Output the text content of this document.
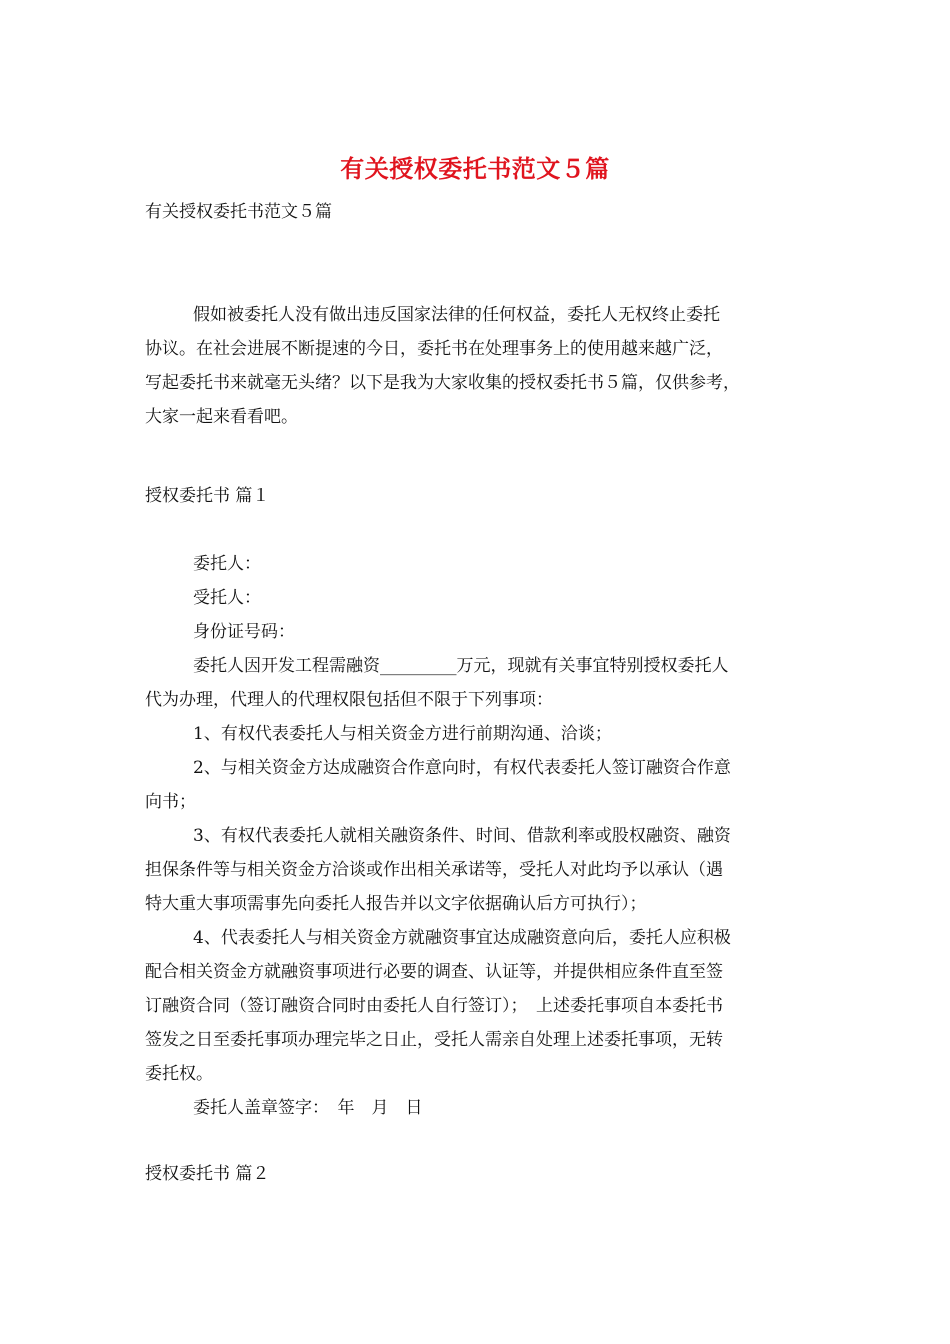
有关授权委托书范文５篇
有关授权委托书范文５篇

假如被委托人没有做出违反国家法律的任何权益，委托人无权终止委托

协议。在社会进展不断提速的今日，委托书在处理事务上的使用越来越广泛，

写起委托书来就毫无头绪？以下是我为大家收集的授权委托书５篇，仅供参考，

大家一起来看看吧。

授权委托书 篇１

委托人：

受托人：

身份证号码：

委托人因开发工程需融资_________万元，现就有关事宜特别授权委托人

代为办理，代理人的代理权限包括但不限于下列事项：

1、有权代表委托人与相关资金方进行前期沟通、洽谈；

2、与相关资金方达成融资合作意向时，有权代表委托人签订融资合作意

向书；

3、有权代表委托人就相关融资条件、时间、借款利率或股权融资、融资

担保条件等与相关资金方洽谈或作出相关承诺等，受托人对此均予以承认（遇

特大重大事项需事先向委托人报告并以文字依据确认后方可执行）；

4、代表委托人与相关资金方就融资事宜达成融资意向后，委托人应积极

配合相关资金方就融资事项进行必要的调查、认证等，并提供相应条件直至签

订融资合同（签订融资合同时由委托人自行签订）；　上述委托事项自本委托书

签发之日至委托事项办理完毕之日止，受托人需亲自处理上述委托事项，无转

委托权。

委托人盖章签字：　年　月　日

授权委托书 篇２
